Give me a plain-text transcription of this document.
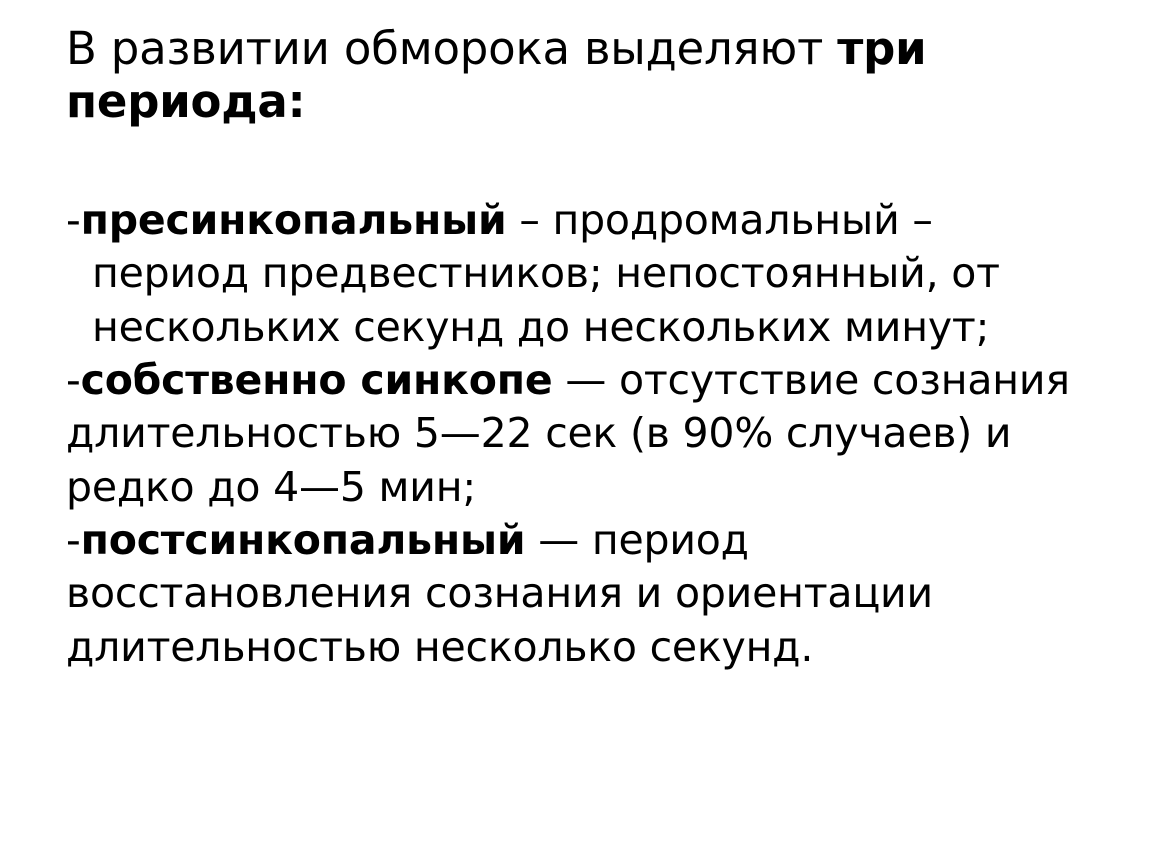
В развитии обморока выделяют три периода:

-пресинкопальный – продромальный – период предвестников; непостоянный, от нескольких секунд до нескольких минут;

-собственно синкопе — отсутствие сознания длительностью 5—22 сек (в 90% случаев) и редко до 4—5 мин;

-постсинкопальный — период восстановления сознания и ориентации длительностью несколько секунд.
